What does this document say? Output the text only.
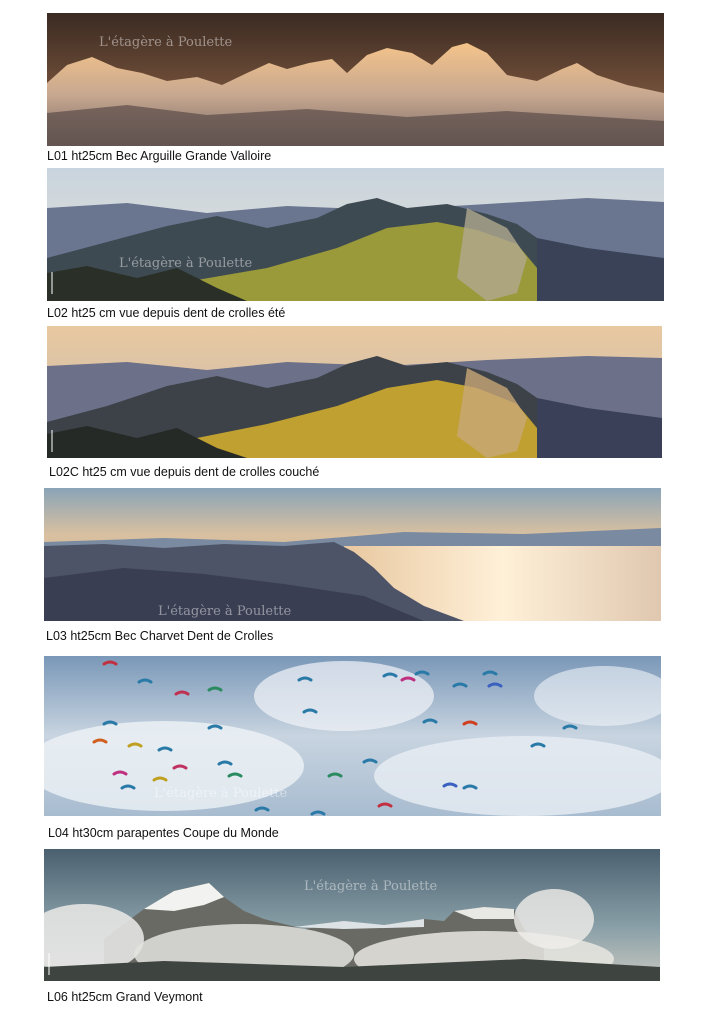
L'étagère à Poulette
L01 ht25cm Bec Arguille Grande Valloire
L'étagère à Poulette
L02 ht25 cm vue depuis dent de crolles été
L02C ht25 cm vue depuis dent de crolles couché
L'étagère à Poulette
L03 ht25cm Bec Charvet Dent de Crolles
L'étagère à Poulette
L04 ht30cm parapentes Coupe du Monde
L'étagère à Poulette
L06 ht25cm Grand Veymont
